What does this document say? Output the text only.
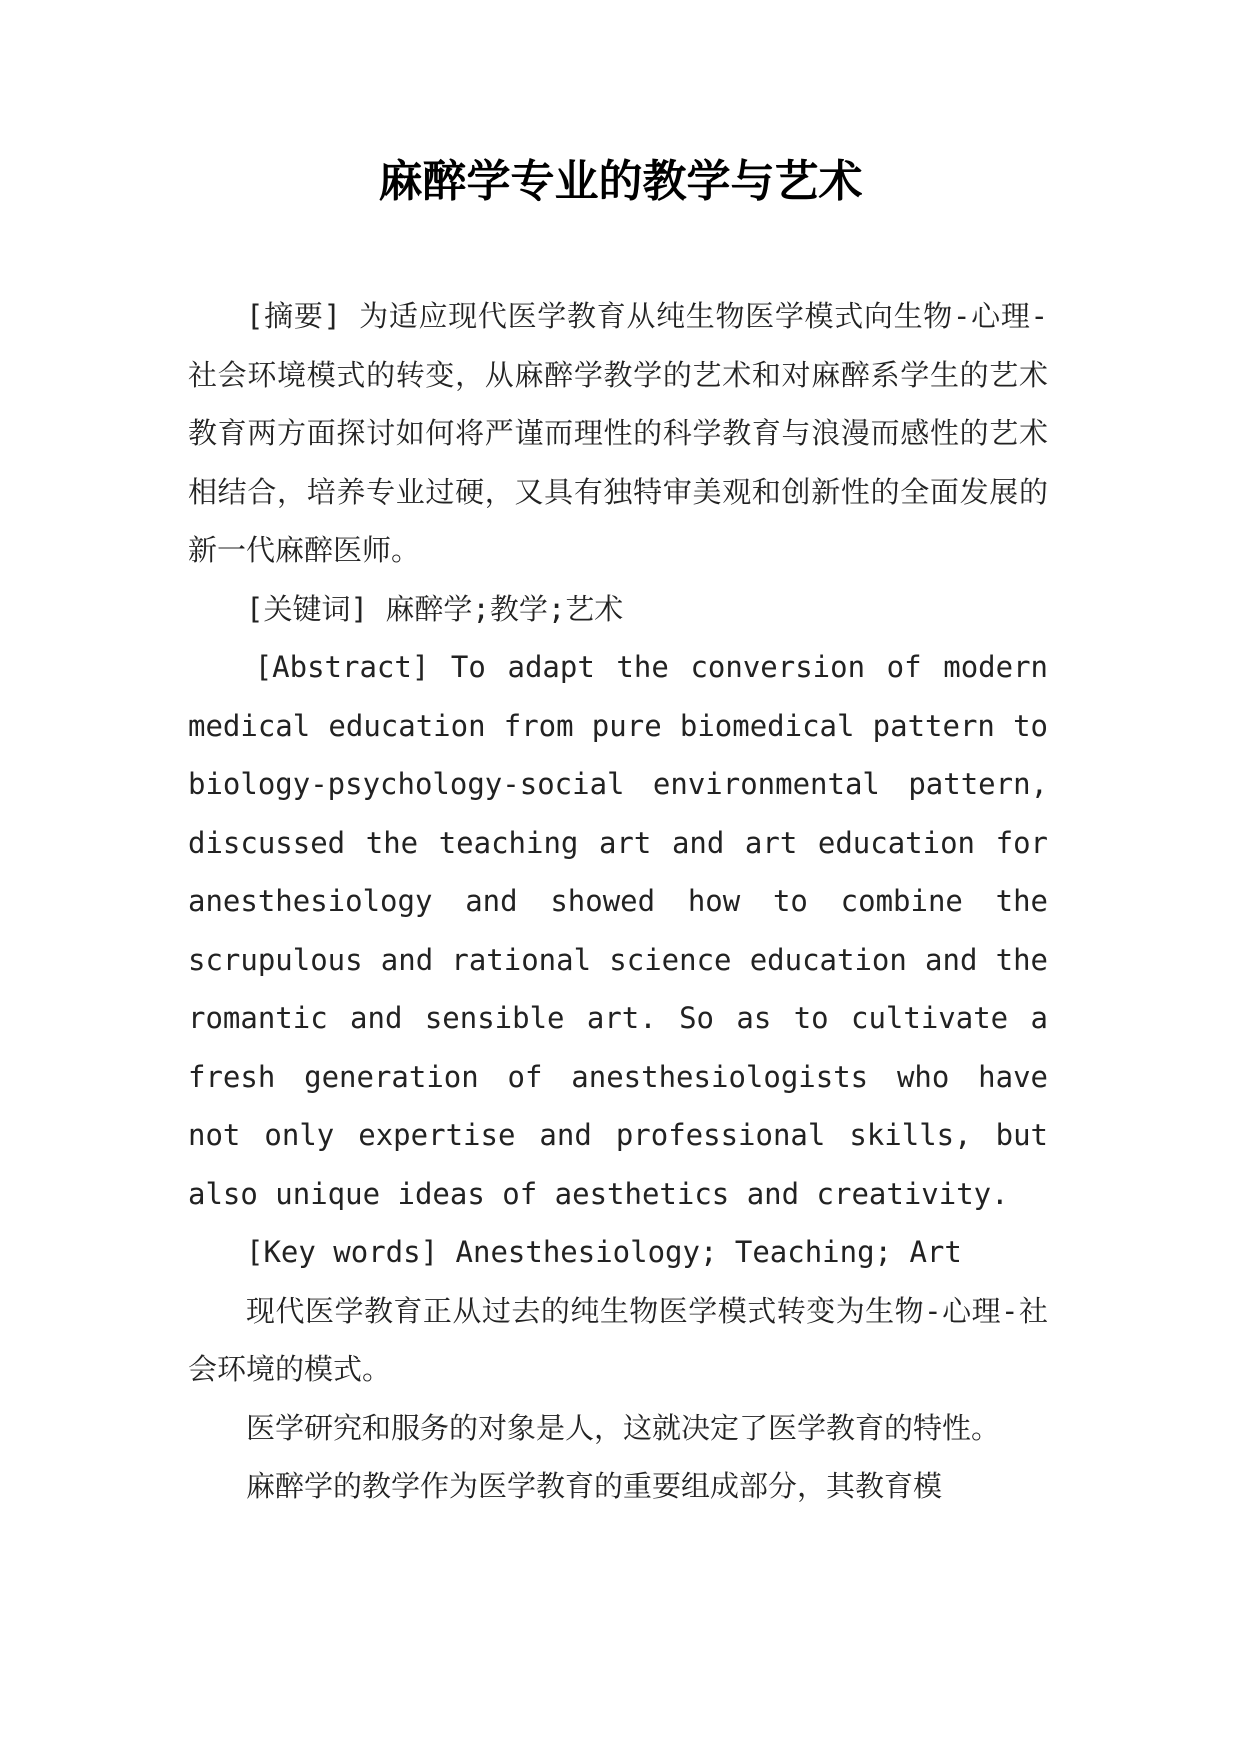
麻醉学专业的教学与艺术

[摘要] 为适应现代医学教育从纯生物医学模式向生物-心理-社会环境模式的转变，从麻醉学教学的艺术和对麻醉系学生的艺术教育两方面探讨如何将严谨而理性的科学教育与浪漫而感性的艺术相结合，培养专业过硬，又具有独特审美观和创新性的全面发展的新一代麻醉医师。

[关键词] 麻醉学;教学;艺术

[Abstract] To adapt the conversion of modern medical education from pure biomedical pattern to biology-psychology-social environmental pattern, discussed the teaching art and art education for anesthesiology and showed how to combine the scrupulous and rational science education and the romantic and sensible art. So as to cultivate a fresh generation of anesthesiologists who have not only expertise and professional skills, but also unique ideas of aesthetics and creativity.

[Key words] Anesthesiology; Teaching; Art

现代医学教育正从过去的纯生物医学模式转变为生物-心理-社会环境的模式。

医学研究和服务的对象是人，这就决定了医学教育的特性。

麻醉学的教学作为医学教育的重要组成部分，其教育模
